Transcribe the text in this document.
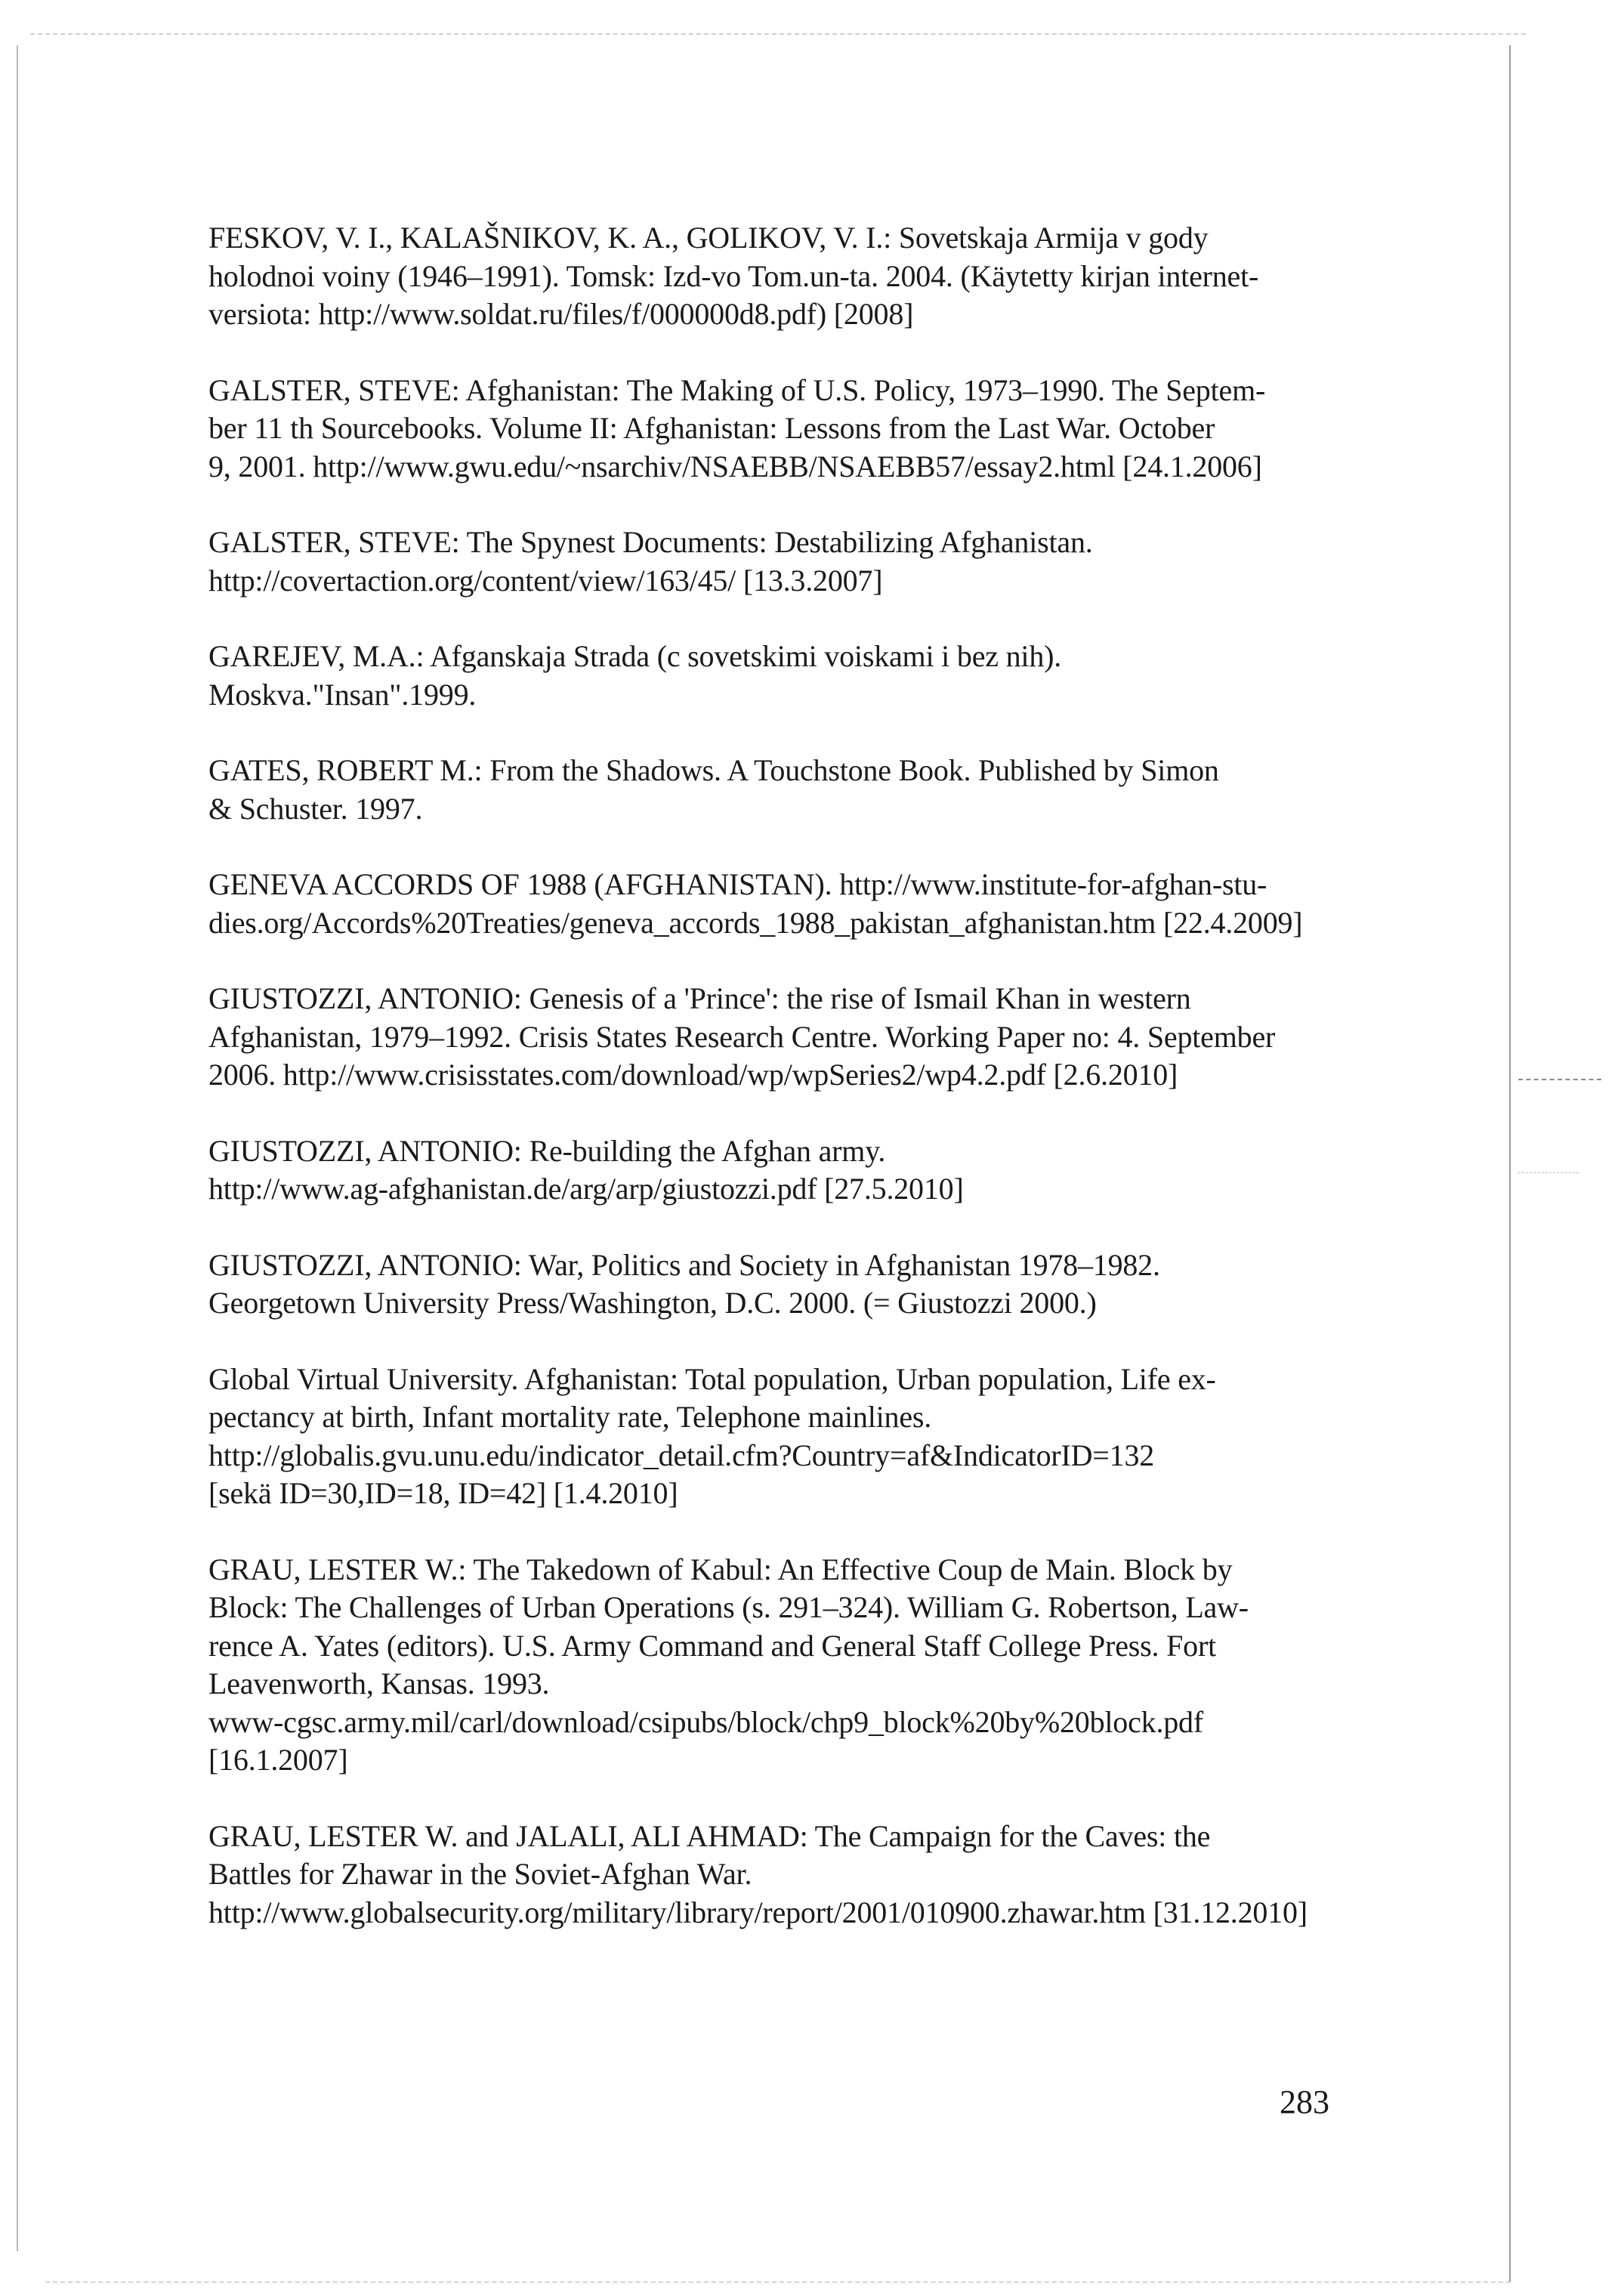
FESKOV, V. I., KALAŠNIKOV, K. A., GOLIKOV, V. I.: Sovetskaja Armija v gody
holodnoi voiny (1946–1991). Tomsk: Izd-vo Tom.un-ta. 2004. (Käytetty kirjan internet-
versiota: http://www.soldat.ru/files/f/000000d8.pdf) [2008]

GALSTER, STEVE: Afghanistan: The Making of U.S. Policy, 1973–1990. The Septem-
ber 11 th Sourcebooks. Volume II: Afghanistan: Lessons from the Last War. October
9, 2001. http://www.gwu.edu/~nsarchiv/NSAEBB/NSAEBB57/essay2.html [24.1.2006]

GALSTER, STEVE: The Spynest Documents: Destabilizing Afghanistan.
http://covertaction.org/content/view/163/45/ [13.3.2007]

GAREJEV, M.A.: Afganskaja Strada (c sovetskimi voiskami i bez nih).
Moskva."Insan".1999.

GATES, ROBERT M.: From the Shadows. A Touchstone Book. Published by Simon
& Schuster. 1997.

GENEVA ACCORDS OF 1988 (AFGHANISTAN). http://www.institute-for-afghan-stu-
dies.org/Accords%20Treaties/geneva_accords_1988_pakistan_afghanistan.htm [22.4.2009]

GIUSTOZZI, ANTONIO: Genesis of a 'Prince': the rise of Ismail Khan in western
Afghanistan, 1979–1992. Crisis States Research Centre. Working Paper no: 4. September
2006. http://www.crisisstates.com/download/wp/wpSeries2/wp4.2.pdf [2.6.2010]

GIUSTOZZI, ANTONIO: Re-building the Afghan army.
http://www.ag-afghanistan.de/arg/arp/giustozzi.pdf [27.5.2010]

GIUSTOZZI, ANTONIO: War, Politics and Society in Afghanistan 1978–1982.
Georgetown University Press/Washington, D.C. 2000. (= Giustozzi 2000.)

Global Virtual University. Afghanistan: Total population, Urban population, Life ex-
pectancy at birth, Infant mortality rate, Telephone mainlines.
http://globalis.gvu.unu.edu/indicator_detail.cfm?Country=af&IndicatorID=132
[sekä ID=30,ID=18, ID=42] [1.4.2010]

GRAU, LESTER W.: The Takedown of Kabul: An Effective Coup de Main. Block by
Block: The Challenges of Urban Operations (s. 291–324). William G. Robertson, Law-
rence A. Yates (editors). U.S. Army Command and General Staff College Press. Fort
Leavenworth, Kansas. 1993.
www-cgsc.army.mil/carl/download/csipubs/block/chp9_block%20by%20block.pdf
[16.1.2007]

GRAU, LESTER W. and JALALI, ALI AHMAD: The Campaign for the Caves: the
Battles for Zhawar in the Soviet-Afghan War.
http://www.globalsecurity.org/military/library/report/2001/010900.zhawar.htm [31.12.2010]

283
